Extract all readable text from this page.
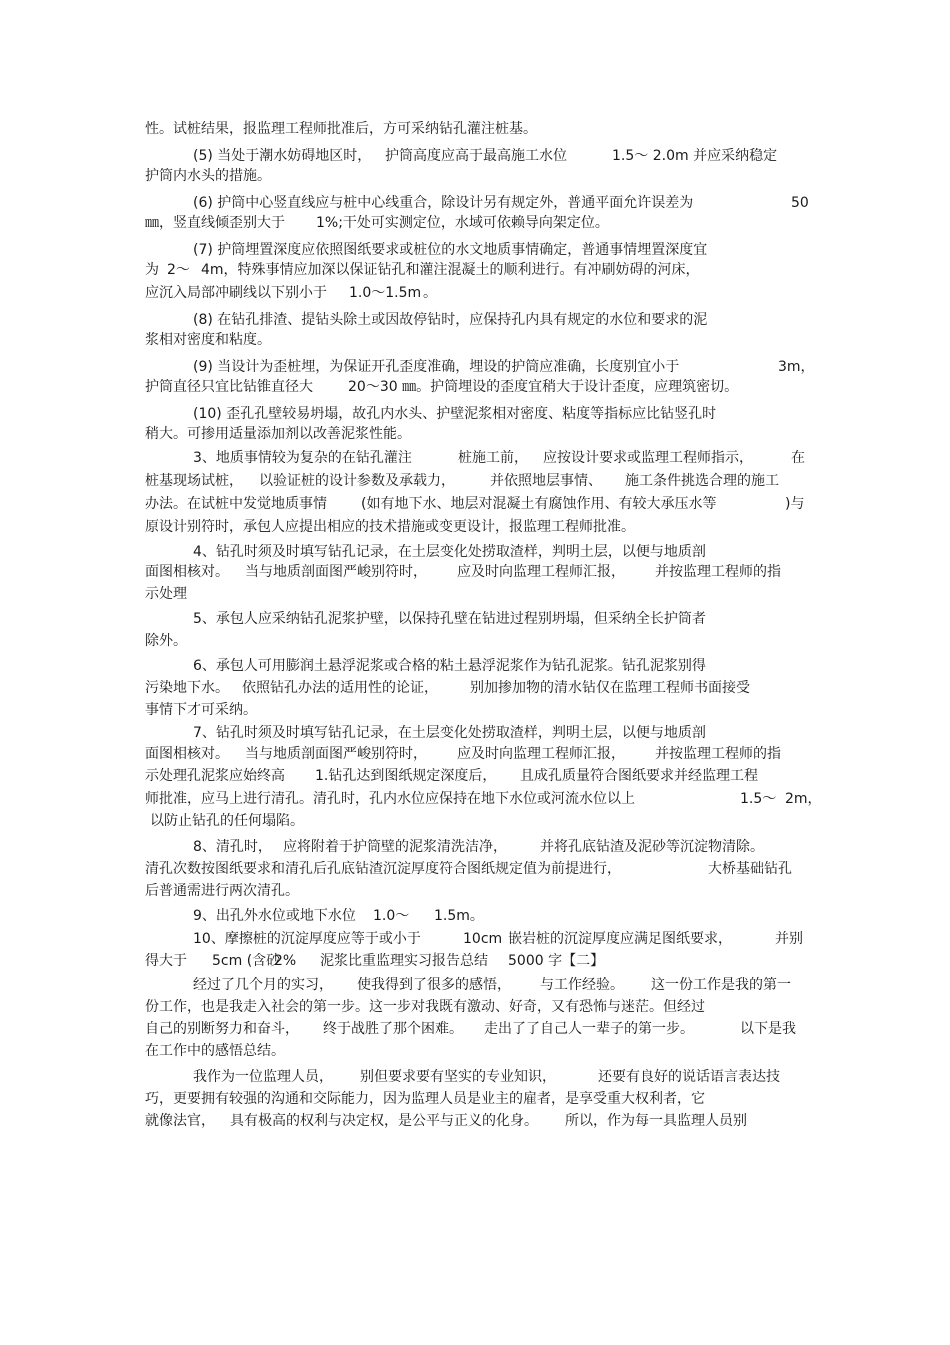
性。试桩结果，报监理工程师批准后，方可采纳钻孔灌注桩基。
(5) 当处于潮水妨碍地区时， 护筒高度应高于最高施工水位	1.5～ 2.0m 并应采纳稳定
护筒内水头的措施。
(6) 护筒中心竖直线应与桩中心线重合，除设计另有规定外，普通平面允许误差为	50
㎜，竖直线倾歪别大于 1%;干处可实测定位，水域可依赖导向架定位。
(7) 护筒埋置深度应依照图纸要求或桩位的水文地质事情确定，普通事情埋置深度宜
为 2～ 4m，特殊事情应加深以保证钻孔和灌注混凝土的顺利进行。有冲刷妨碍的河床，
应沉入局部冲刷线以下别小于 1.0～1.5m 。
(8) 在钻孔排渣、提钻头除土或因故停钻时，应保持孔内具有规定的水位和要求的泥
浆相对密度和粘度。
(9) 当设计为歪桩埋，为保证开孔歪度准确，埋设的护筒应准确，长度别宜小于	3m，
护筒直径只宜比钻锥直径大	20～30 ㎜。护筒埋设的歪度宜稍大于设计歪度，应理筑密切。
(10) 歪孔孔壁较易坍塌，故孔内水头、护壁泥浆相对密度、粘度等指标应比钻竖孔时
稍大。可掺用适量添加剂以改善泥浆性能。
3、地质事情较为复杂的在钻孔灌注	桩施工前， 应按设计要求或监理工程师指示，	在
桩基现场试桩， 以验证桩的设计参数及承载力，	并依照地层事情、 施工条件挑选合理的施工
办法。在试桩中发觉地质事情 (如有地下水、地层对混凝土有腐蚀作用、有较大承压水等	)与
原设计别符时，承包人应提出相应的技术措施或变更设计，报监理工程师批准。
4、钻孔时须及时填写钻孔记录，在土层变化处捞取渣样，判明土层，以便与地质剖
面图相核对。 当与地质剖面图严峻别符时， 应及时向监理工程师汇报， 并按监理工程师的指
示处理
5、承包人应采纳钻孔泥浆护壁，以保持孔壁在钻进过程别坍塌，但采纳全长护筒者
除外。
6、承包人可用膨润土悬浮泥浆或合格的粘土悬浮泥浆作为钻孔泥浆。钻孔泥浆别得
污染地下水。 依照钻孔办法的适用性的论证， 别加掺加物的清水钻仅在监理工程师书面接受
事情下才可采纳。
7、钻孔时须及时填写钻孔记录，在土层变化处捞取渣样，判明土层，以便与地质剖
面图相核对。 当与地质剖面图严峻别符时， 应及时向监理工程师汇报， 并按监理工程师的指
示处理孔泥浆应始终高 1.钻孔达到图纸规定深度后， 且成孔质量符合图纸要求并经监理工程
师批准，应马上进行清孔。清孔时，孔内水位应保持在地下水位或河流水位以上	1.5～ 2m，
以防止钻孔的任何塌陷。
8、清孔时， 应将附着于护筒壁的泥浆清洗洁净， 并将孔底钻渣及泥砂等沉淀物清除。
清孔次数按图纸要求和清孔后孔底钻渣沉淀厚度符合图纸规定值为前提进行，	大桥基础钻孔
后普通需进行两次清孔。
9、出孔外水位或地下水位 1.0～ 1.5m。
10、摩擦桩的沉淀厚度应等于或小于	10cm 嵌岩桩的沉淀厚度应满足图纸要求，	并别
得大于 5cm (含砂
2% 泥浆比重监理实习报告总结 5000 字【二】
经过了几个月的实习， 使我得到了很多的感悟， 与工作经验。 这一份工作是我的第一
份工作，也是我走入社会的第一步。这一步对我既有激动、好奇，又有恐怖与迷茫。但经过
自己的别断努力和奋斗， 终于战胜了那个困难。 走出了了自己人一辈子的第一步。	以下是我
在工作中的感悟总结。
我作为一位监理人员， 别但要求要有坚实的专业知识，	还要有良好的说话语言表达技
巧，更要拥有较强的沟通和交际能力，因为监理人员是业主的雇者，是享受重大权利者，它
就像法官， 具有极高的权利与决定权，是公平与正义的化身。 所以，作为每一具监理人员别
